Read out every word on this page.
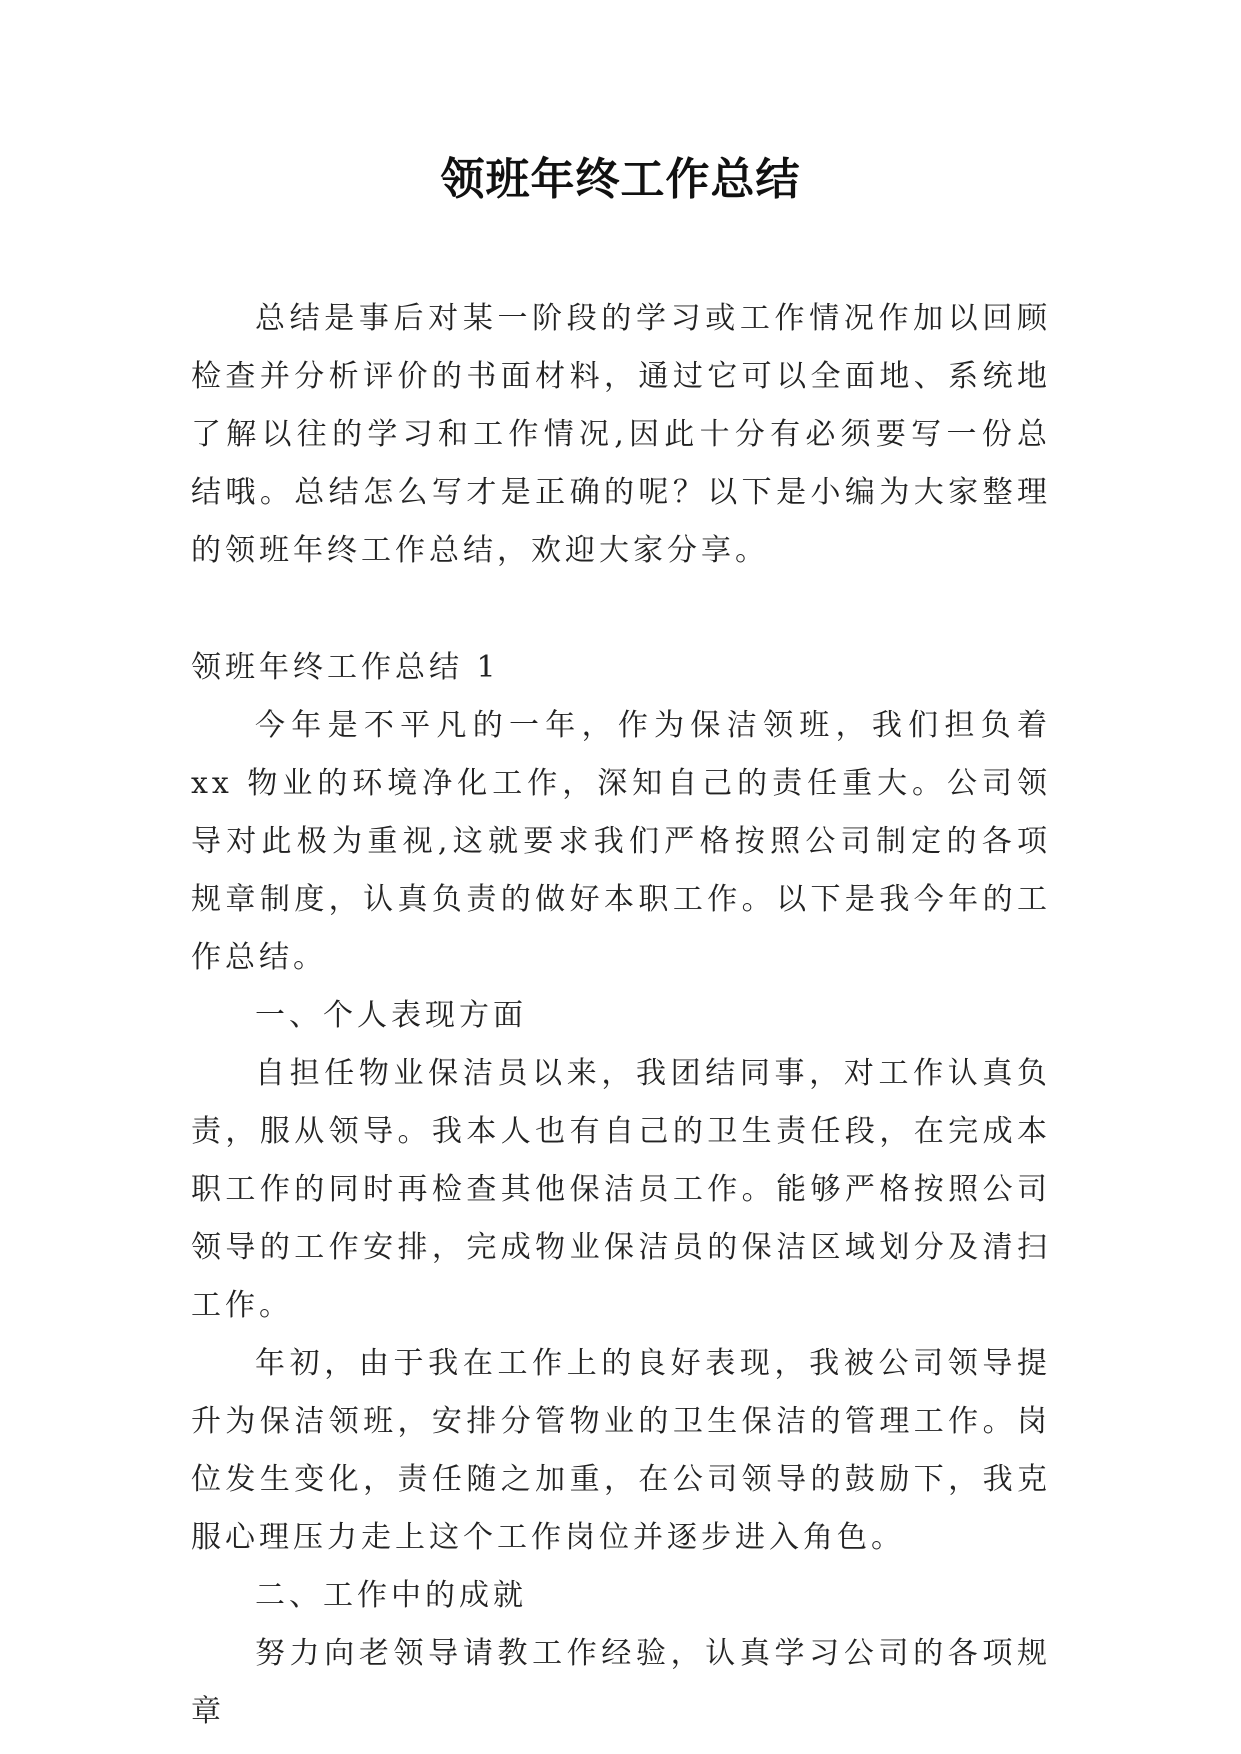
领班年终工作总结

总结是事后对某一阶段的学习或工作情况作加以回顾检查并分析评价的书面材料，通过它可以全面地、系统地了解以往的学习和工作情况,因此十分有必须要写一份总结哦。总结怎么写才是正确的呢？以下是小编为大家整理的领班年终工作总结，欢迎大家分享。

领班年终工作总结 1

今年是不平凡的一年，作为保洁领班，我们担负着 xx 物业的环境净化工作，深知自己的责任重大。公司领导对此极为重视,这就要求我们严格按照公司制定的各项规章制度，认真负责的做好本职工作。以下是我今年的工作总结。

一、个人表现方面

自担任物业保洁员以来，我团结同事，对工作认真负责，服从领导。我本人也有自己的卫生责任段，在完成本职工作的同时再检查其他保洁员工作。能够严格按照公司领导的工作安排，完成物业保洁员的保洁区域划分及清扫工作。

年初，由于我在工作上的良好表现，我被公司领导提升为保洁领班，安排分管物业的卫生保洁的管理工作。岗位发生变化，责任随之加重，在公司领导的鼓励下，我克服心理压力走上这个工作岗位并逐步进入角色。

二、工作中的成就

努力向老领导请教工作经验，认真学习公司的各项规章
